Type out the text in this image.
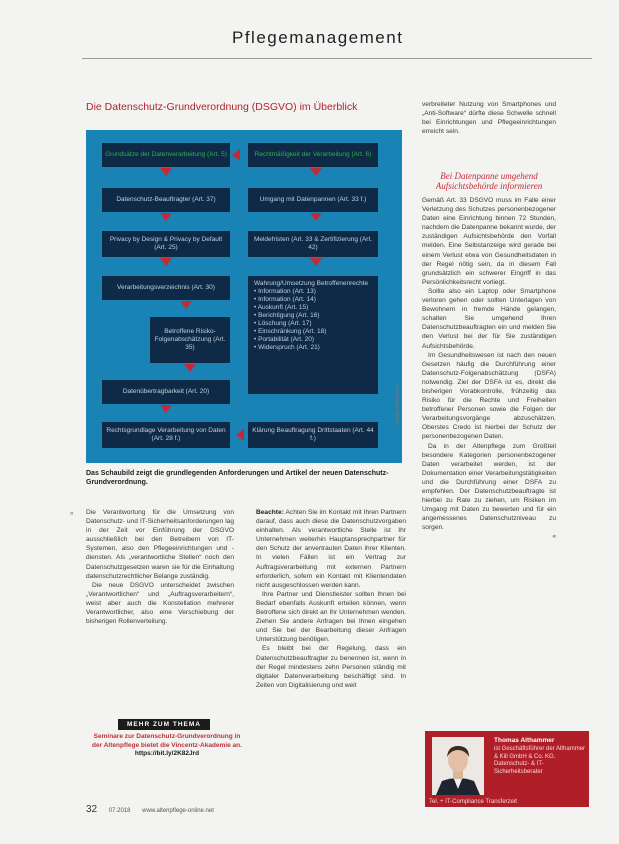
Pflegemanagement
Die Datenschutz-Grundverordnung (DSGVO) im Überblick
Grundsätze der Datenverarbeitung (Art. 5)	Rechtmäßigkeit der Verarbeitung (Art. 6)
Datenschutz-Beauftragter (Art. 37)	Umgang mit Datenpannen (Art. 33 f.)
Privacy by Design & Privacy by Default (Art. 25)
Meldefristen (Art. 33 & Zertifizierung (Art. 42)
Verarbeitungsverzeichnis (Art. 30)
Betroffene Risiko-Folgenabschätzung (Art. 35)
Wahrung/Umsetzung Betroffenenrechte
• Information (Art. 13)
• Information (Art. 14)
• Auskunft (Art. 15)
• Berichtigung (Art. 16)
• Löschung (Art. 17)
• Einschränkung (Art. 18)
• Portabilität (Art. 20)
• Widerspruch (Art. 21)
Datenübertragbarkeit (Art. 20)
Rechtsgrundlage Verarbeitung von Daten (Art. 28 f.)
Klärung Beauftragung Drittstaaten (Art. 44 f.)
Grafik: Althammer
Das Schaubild zeigt die grundlegenden Anforderungen und Artikel der neuen Datenschutz-Grundverordnung.

verbreiteter Nutzung von Smartphones und „Anti-Software“ dürfte diese Schwelle schnell bei Einrichtungen und Pflegeeinrichtungen erreicht sein.

Bei Datenpanne umgehend Aufsichtsbehörde informieren

Gemäß Art. 33 DSGVO muss im Falle einer Verletzung des Schutzes personenbezogener Daten eine Einrichtung binnen 72 Stunden, nachdem die Datenpanne bekannt wurde, der zuständigen Aufsichtsbehörde den Vorfall melden. Eine Selbstanzeige wird gerade bei einem Verlust etwa von Gesundheitsdaten in der Regel nötig sein, da in diesem Fall grundsätzlich ein schwerer Eingriff in das Persönlichkeitsrecht vorliegt.

Sollte also ein Laptop oder Smartphone verloren gehen oder sollten Unterlagen von Bewohnern in fremde Hände gelangen, schalten Sie umgehend Ihren Datenschutzbeauftragten ein und melden Sie den Verlust bei der für Sie zuständigen Aufsichtsbehörde.

Im Gesundheitswesen ist nach den neuen Gesetzen häufig die Durchführung einer Datenschutz-Folgenabschätzung (DSFA) notwendig. Ziel der DSFA ist es, direkt die bisherigen Vorabkontrolle, frühzeitig das Risiko für die Rechte und Freiheiten betroffener Personen sowie die Folgen der Verarbeitungsvorgänge abzuschätzen. Oberstes Credo ist hierbei der Schutz der personenbezogenen Daten.

Da in der Altenpflege zum Großteil besondere Kategorien personenbezogener Daten verarbeitet werden, ist der Dokumentation einer Verarbeitungstätigkeiten und die Durchführung einer DSFA zu empfehlen. Der Datenschutzbeauftragte ist hierbei zu Rate zu ziehen, um Risiken im Umgang mit Daten zu bewerten und für ein angemessenes Datenschutzniveau zu sorgen.

«

» Die Verantwortung für die Umsetzung von Datenschutz- und IT-Sicherheitsanforderungen lag in der Zeit vor Einführung der DSGVO ausschließlich bei den Betreibern von IT-Systemen, also den Pflegeeinrichtungen und -diensten. Als „verantwortliche Stellen“ noch den Datenschutzgesetzen waren sie für die Einhaltung datenschutzrechtlicher Belange zuständig.

Die neue DSGVO unterscheidet zwischen „Verantwortlichen“ und „Auftragsverarbeitern“, weist aber auch die Konstellation mehrerer Verantwortlicher, also eine Verschiebung der bisherigen Rollenverteilung.

Beachte: Achten Sie im Kontakt mit Ihren Partnern darauf, dass auch diese die Datenschutzvorgaben einhalten. Als verantwortliche Stelle ist Ihr Unternehmen weiterhin Hauptansprechpartner für den Schutz der anvertrauten Daten ihrer Klienten. In vielen Fällen ist ein Vertrag zur Auftragsverarbeitung mit externen Partnern erforderlich, sofern ein Kontakt mit Klientendaten nicht ausgeschlossen werden kann.

Ihre Partner und Dienstleister sollten Ihnen bei Bedarf ebenfalls Auskunft erteilen können, wenn Betroffene sich direkt an Ihr Unternehmen wenden. Ziehen Sie andere Anfragen bei Ihnen eingehen und Sie bei der Bearbeitung dieser Anfragen Unterstützung benötigen.

Es bleibt bei der Regelung, dass ein Datenschutzbeauftragter zu benennen ist, wenn in der Regel mindestens zehn Personen ständig mit digitaler Datenverarbeitung beschäftigt sind. In Zeiten von Digitalisierung und weit

MEHR ZUM THEMA
Seminare zur Datenschutz-Grundverordnung in der Altenpflege bietet die Vincentz-Akademie an.
https://bit.ly/2K82Jrd
Thomas Althammer
ist Geschäftsführer der Althammer & Kill GmbH & Co. KG. Datenschutz- & IT-Sicherheitsberater
Tel. + IT-Compliance Transferzeit
32 07.2018 www.altenpflege-online.net
